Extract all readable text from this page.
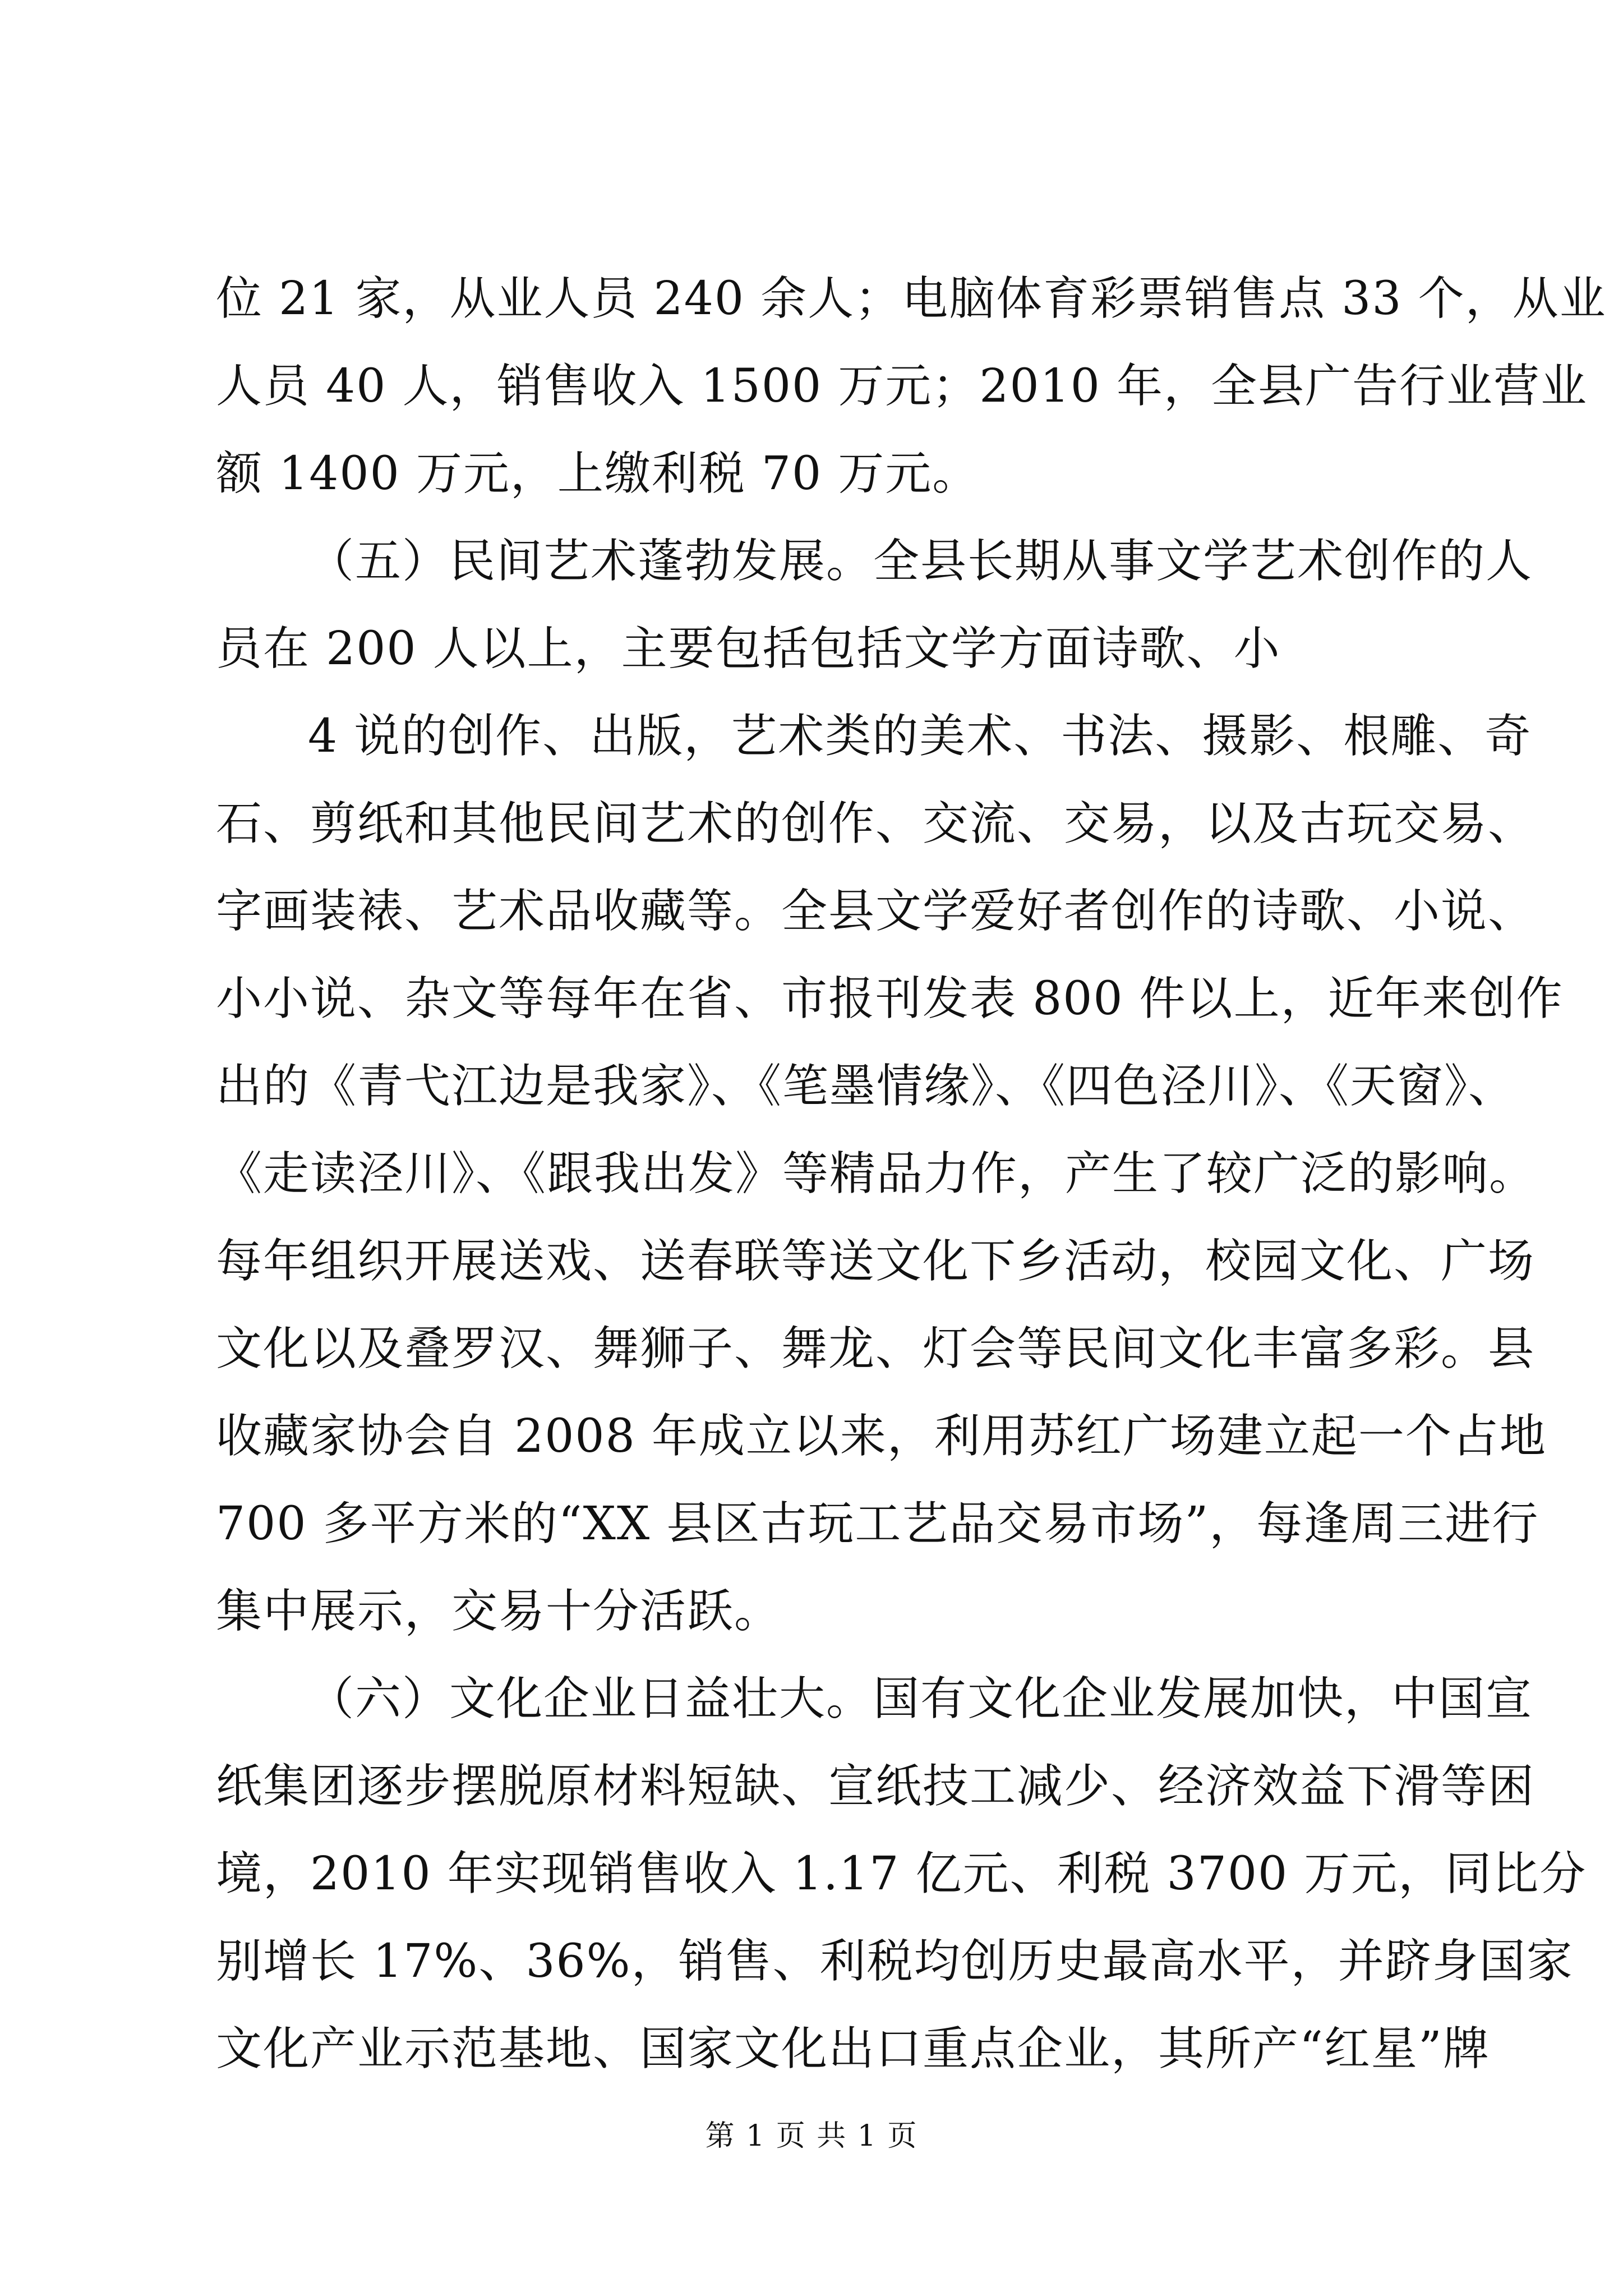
位 21 家，从业人员 240 余人；电脑体育彩票销售点 33 个，从业
人员 40 人，销售收入 1500 万元；2010 年，全县广告行业营业
额 1400 万元，上缴利税 70 万元。
（五）民间艺术蓬勃发展。全县长期从事文学艺术创作的人
员在 200 人以上，主要包括包括文学方面诗歌、小
4 说的创作、出版，艺术类的美术、书法、摄影、根雕、奇
石、剪纸和其他民间艺术的创作、交流、交易，以及古玩交易、
字画装裱、艺术品收藏等。全县文学爱好者创作的诗歌、小说、
小小说、杂文等每年在省、市报刊发表 800 件以上，近年来创作
出的《青弋江边是我家》、《笔墨情缘》、《四色泾川》、《天窗》、
《走读泾川》、《跟我出发》等精品力作，产生了较广泛的影响。
每年组织开展送戏、送春联等送文化下乡活动，校园文化、广场
文化以及叠罗汉、舞狮子、舞龙、灯会等民间文化丰富多彩。县
收藏家协会自 2008 年成立以来，利用苏红广场建立起一个占地
700 多平方米的“XX 县区古玩工艺品交易市场”，每逢周三进行
集中展示，交易十分活跃。
（六）文化企业日益壮大。国有文化企业发展加快，中国宣
纸集团逐步摆脱原材料短缺、宣纸技工减少、经济效益下滑等困
境，2010 年实现销售收入 1.17 亿元、利税 3700 万元，同比分
别增长 17%、36%，销售、利税均创历史最高水平，并跻身国家
文化产业示范基地、国家文化出口重点企业，其所产“红星”牌
第 1 页 共 1 页
